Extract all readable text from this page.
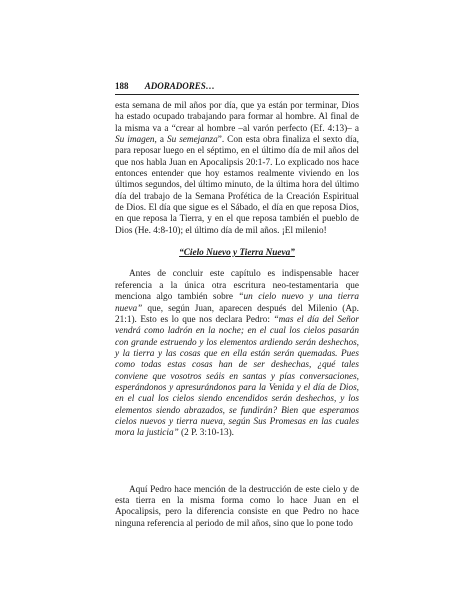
188 ADORADORES…

esta semana de mil años por día, que ya están por terminar, Dios ha estado ocupado trabajando para formar al hombre. Al final de la misma va a “crear al hombre –al varón perfecto (Ef. 4:13)– a Su imagen, a Su semejanza”. Con esta obra finaliza el sexto día, para reposar luego en el séptimo, en el último día de mil años del que nos habla Juan en Apocalipsis 20:1-7. Lo explicado nos hace entonces entender que hoy estamos realmente viviendo en los últimos segundos, del último minuto, de la última hora del último día del trabajo de la Semana Profética de la Creación Espiritual de Dios. El día que sigue es el Sábado, el día en que reposa Dios, en que reposa la Tierra, y en el que reposa también el pueblo de Dios (He. 4:8-10); el último día de mil años. ¡El milenio!

“Cielo Nuevo y Tierra Nueva”

Antes de concluir este capítulo es indispensable hacer referencia a la única otra escritura neo-testamentaria que menciona algo también sobre “un cielo nuevo y una tierra nueva” que, según Juan, aparecen después del Milenio (Ap. 21:1). Esto es lo que nos declara Pedro: “mas el día del Señor vendrá como ladrón en la noche; en el cual los cielos pasarán con grande estruendo y los elementos ardiendo serán deshechos, y la tierra y las cosas que en ella están serán quemadas. Pues como todas estas cosas han de ser deshechas, ¿qué tales conviene que vosotros seáis en santas y pías conversaciones, esperándonos y apresurándonos para la Venida y el día de Dios, en el cual los cielos siendo encendidos serán deshechos, y los elementos siendo abrazados, se fundirán? Bien que esperamos cielos nuevos y tierra nueva, según Sus Promesas en las cuales mora la justicia” (2 P. 3:10-13).

Aquí Pedro hace mención de la destrucción de este cielo y de esta tierra en la misma forma como lo hace Juan en el Apocalipsis, pero la diferencia consiste en que Pedro no hace ninguna referencia al periodo de mil años, sino que lo pone todo
